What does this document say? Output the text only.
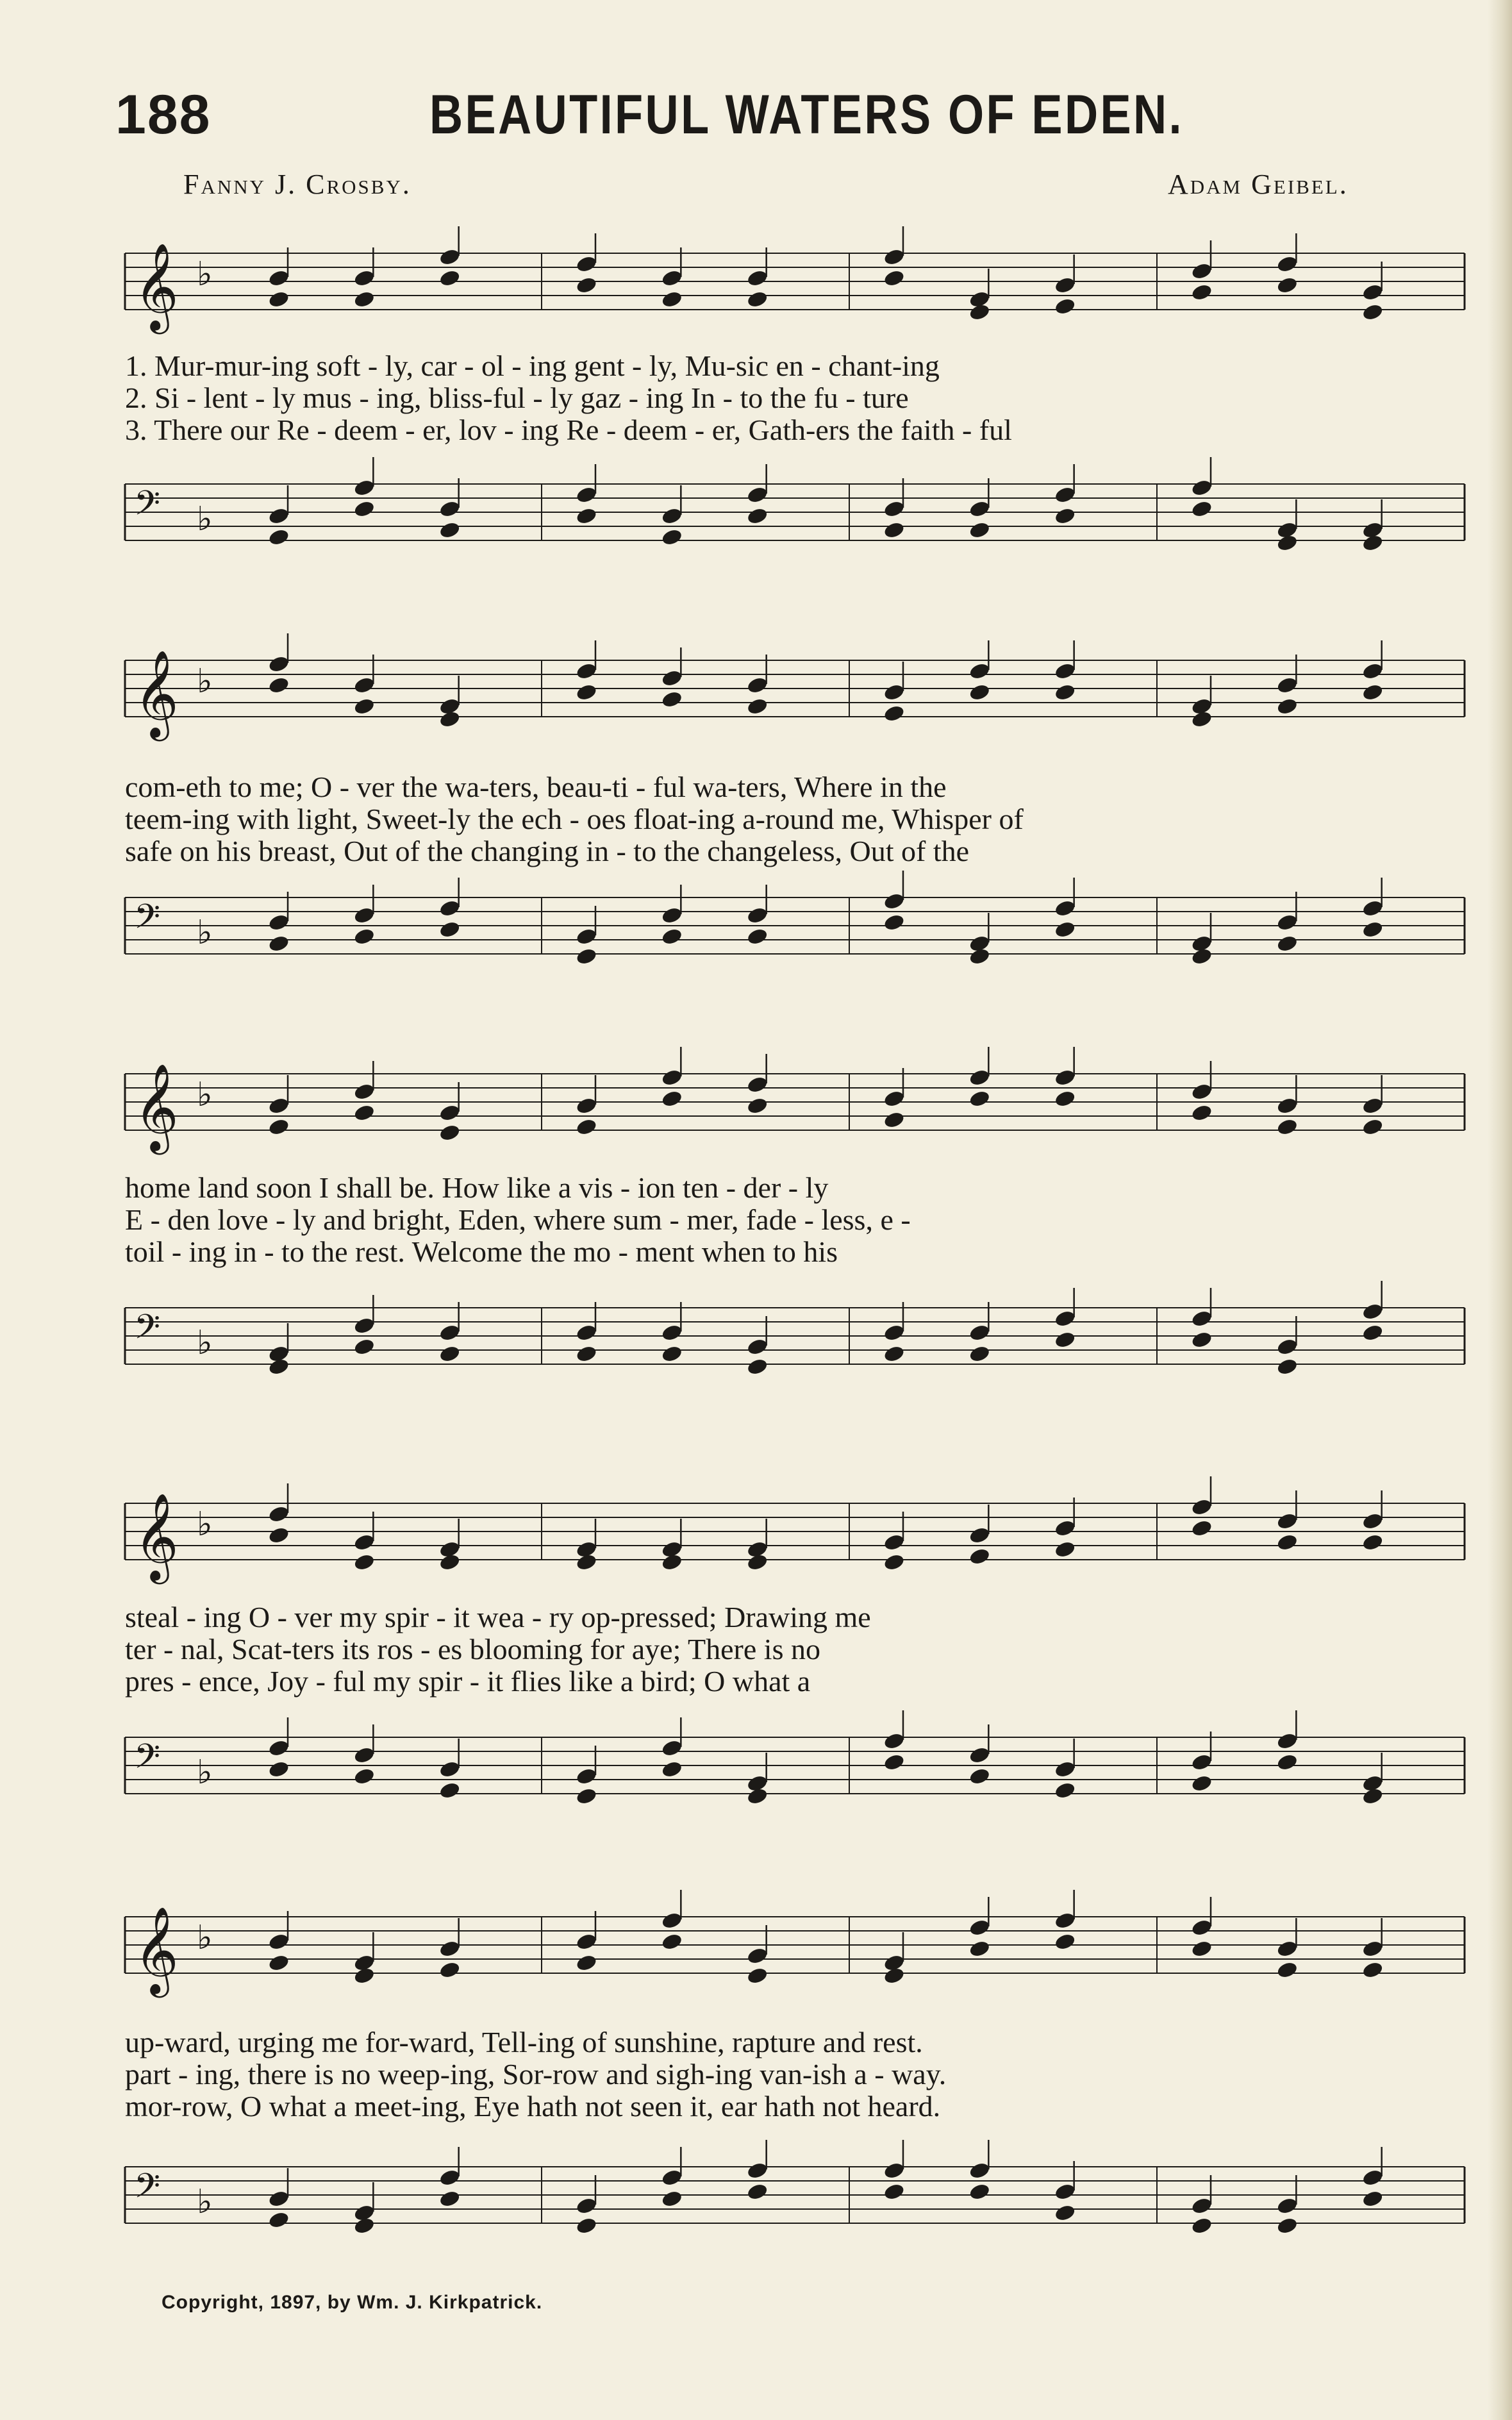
188	BEAUTIFUL WATERS OF EDEN.
Fanny J. Crosby.	Adam Geibel.
𝄞 ♭
1. Mur-mur-ing soft - ly, car - ol - ing gent - ly, Mu-sic en - chant-ing
2. Si - lent - ly mus - ing, bliss-ful - ly gaz - ing In - to the fu - ture
3. There our Re - deem - er, lov - ing Re - deem - er, Gath-ers the faith - ful
𝄢 ♭
𝄞 ♭
com-eth to me; O - ver the wa-ters, beau-ti - ful wa-ters, Where in the
teem-ing with light, Sweet-ly the ech - oes float-ing a-round me, Whisper of
safe on his breast, Out of the changing in - to the changeless, Out of the
𝄢 ♭
𝄞 ♭
home land soon I shall be. How like a vis - ion ten - der - ly
E - den love - ly and bright, Eden, where sum - mer, fade - less, e -
toil - ing in - to the rest. Welcome the mo - ment when to his
𝄢 ♭
𝄞 ♭
steal - ing O - ver my spir - it wea - ry op-pressed; Drawing me
ter - nal, Scat-ters its ros - es blooming for aye; There is no
pres - ence, Joy - ful my spir - it flies like a bird; O what a
𝄢 ♭
𝄞 ♭
up-ward, urging me for-ward, Tell-ing of sunshine, rapture and rest.
part - ing, there is no weep-ing, Sor-row and sigh-ing van-ish a - way.
mor-row, O what a meet-ing, Eye hath not seen it, ear hath not heard.
𝄢 ♭
Copyright, 1897, by Wm. J. Kirkpatrick.
